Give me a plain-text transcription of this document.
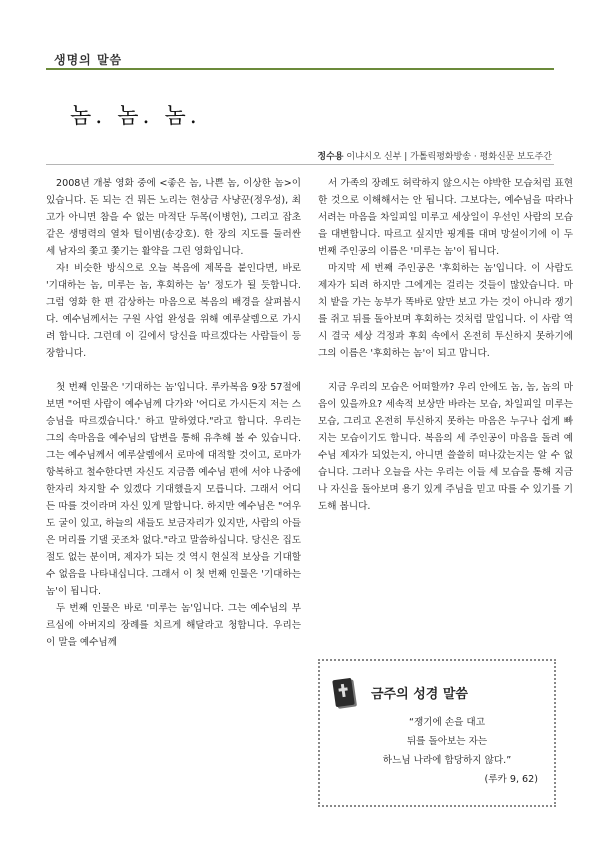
생명의 말씀
놈. 놈. 놈.
정수용 이냐시오 신부 | 가톨릭평화방송 · 평화신문 보도주간

2008년 개봉 영화 중에 <좋은 놈, 나쁜 놈, 이상한 놈>이 있습니다. 돈 되는 건 뭐든 노리는 현상금 사냥꾼(정우성), 최고가 아니면 참을 수 없는 마적단 두목(이병헌), 그리고 잡초 같은 생명력의 열차 털이범(송강호). 한 장의 지도를 둘러싼 세 남자의 쫓고 쫓기는 활약을 그린 영화입니다.

자! 비슷한 방식으로 오늘 복음에 제목을 붙인다면, 바로 '기대하는 놈, 미루는 놈, 후회하는 놈' 정도가 될 듯합니다. 그럼 영화 한 편 감상하는 마음으로 복음의 배경을 살펴봅시다. 예수님께서는 구원 사업 완성을 위해 예루살렘으로 가시려 합니다. 그런데 이 길에서 당신을 따르겠다는 사람들이 등장합니다.

첫 번째 인물은 '기대하는 놈'입니다. 루카복음 9장 57절에 보면 "어떤 사람이 예수님께 다가와 '어디로 가시든지 저는 스승님을 따르겠습니다.' 하고 말하였다."라고 합니다. 우리는 그의 속마음을 예수님의 답변을 통해 유추해 볼 수 있습니다. 그는 예수님께서 예루살렘에서 로마에 대적할 것이고, 로마가 항복하고 철수한다면 자신도 지금쯤 예수님 편에 서야 나중에 한자리 차지할 수 있겠다 기대했을지 모릅니다. 그래서 어디든 따를 것이라며 자신 있게 말합니다. 하지만 예수님은 "여우도 굴이 있고, 하늘의 새들도 보금자리가 있지만, 사람의 아들은 머리를 기댈 곳조차 없다."라고 말씀하십니다. 당신은 집도 절도 없는 분이며, 제자가 되는 것 역시 현실적 보상을 기대할 수 없음을 나타내십니다. 그래서 이 첫 번째 인물은 '기대하는 놈'이 됩니다.

두 번째 인물은 바로 '미루는 놈'입니다. 그는 예수님의 부르심에 아버지의 장례를 치르게 해달라고 청합니다. 우리는 이 말을 예수님께

서 가족의 장례도 허락하지 않으시는 야박한 모습처럼 표현한 것으로 이해해서는 안 됩니다. 그보다는, 예수님을 따라나서려는 마음을 차일피일 미루고 세상일이 우선인 사람의 모습을 대변합니다. 따르고 싶지만 핑계를 대며 망설이기에 이 두 번째 주인공의 이름은 '미루는 놈'이 됩니다.

마지막 세 번째 주인공은 '후회하는 놈'입니다. 이 사람도 제자가 되려 하지만 그에게는 걸리는 것들이 많았습니다. 마치 밭을 가는 농부가 똑바로 앞만 보고 가는 것이 아니라 쟁기를 쥐고 뒤를 돌아보며 후회하는 것처럼 말입니다. 이 사람 역시 결국 세상 걱정과 후회 속에서 온전히 투신하지 못하기에 그의 이름은 '후회하는 놈'이 되고 맙니다.

지금 우리의 모습은 어떠할까? 우리 안에도 놈, 놈, 놈의 마음이 있을까요? 세속적 보상만 바라는 모습, 차일피일 미루는 모습, 그리고 온전히 투신하지 못하는 마음은 누구나 쉽게 빠지는 모습이기도 합니다. 복음의 세 주인공이 마음을 돌려 예수님 제자가 되었는지, 아니면 쓸쓸히 떠나갔는지는 알 수 없습니다. 그러나 오늘을 사는 우리는 이들 세 모습을 통해 지금 나 자신을 돌아보며 용기 있게 주님을 믿고 따를 수 있기를 기도해 봅니다.

금주의 성경 말씀
“쟁기에 손을 대고
뒤를 돌아보는 자는
하느님 나라에 합당하지 않다.”
(루카 9, 62)
